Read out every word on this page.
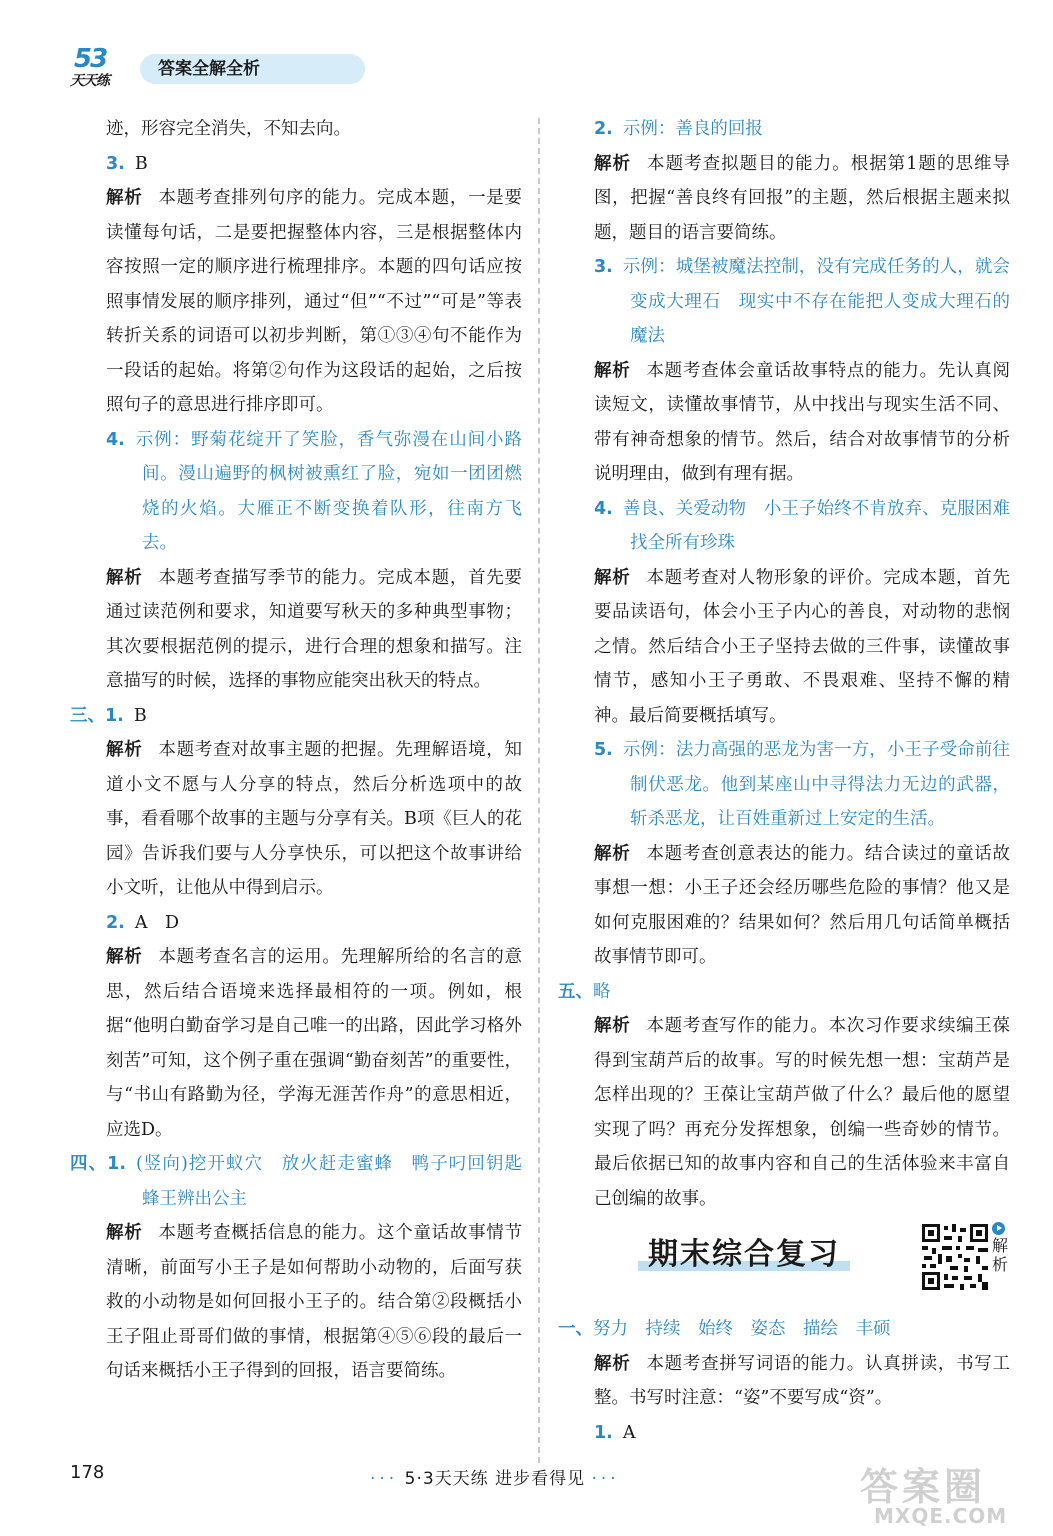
53
天天练
答案全解全析

迹，形容完全消失，不知去向。

3. B

解析 本题考查排列句序的能力。完成本题，一是要读懂每句话，二是要把握整体内容，三是根据整体内容按照一定的顺序进行梳理排序。本题的四句话应按照事情发展的顺序排列，通过“但”“不过”“可是”等表转折关系的词语可以初步判断，第①③④句不能作为一段话的起始。将第②句作为这段话的起始，之后按照句子的意思进行排序即可。

4. 示例：野菊花绽开了笑脸，香气弥漫在山间小路间。漫山遍野的枫树被熏红了脸，宛如一团团燃烧的火焰。大雁正不断变换着队形，往南方飞去。

解析 本题考查描写季节的能力。完成本题，首先要通过读范例和要求，知道要写秋天的多种典型事物；其次要根据范例的提示，进行合理的想象和描写。注意描写的时候，选择的事物应能突出秋天的特点。

三、1. B

解析 本题考查对故事主题的把握。先理解语境，知道小文不愿与人分享的特点，然后分析选项中的故事，看看哪个故事的主题与分享有关。B项《巨人的花园》告诉我们要与人分享快乐，可以把这个故事讲给小文听，让他从中得到启示。

2. A　D

解析 本题考查名言的运用。先理解所给的名言的意思，然后结合语境来选择最相符的一项。例如，根据“他明白勤奋学习是自己唯一的出路，因此学习格外刻苦”可知，这个例子重在强调“勤奋刻苦”的重要性，与“书山有路勤为径，学海无涯苦作舟”的意思相近，应选D。

四、1. (竖向)挖开蚁穴　放火赶走蜜蜂　鸭子叼回钥匙　蜂王辨出公主

解析 本题考查概括信息的能力。这个童话故事情节清晰，前面写小王子是如何帮助小动物的，后面写获救的小动物是如何回报小王子的。结合第②段概括小王子阻止哥哥们做的事情，根据第④⑤⑥段的最后一句话来概括小王子得到的回报，语言要简练。

2. 示例：善良的回报

解析 本题考查拟题目的能力。根据第1题的思维导图，把握“善良终有回报”的主题，然后根据主题来拟题，题目的语言要简练。

3. 示例：城堡被魔法控制，没有完成任务的人，就会变成大理石　现实中不存在能把人变成大理石的魔法

解析 本题考查体会童话故事特点的能力。先认真阅读短文，读懂故事情节，从中找出与现实生活不同、带有神奇想象的情节。然后，结合对故事情节的分析说明理由，做到有理有据。

4. 善良、关爱动物　小王子始终不肯放弃、克服困难找全所有珍珠

解析 本题考查对人物形象的评价。完成本题，首先要品读语句，体会小王子内心的善良，对动物的悲悯之情。然后结合小王子坚持去做的三件事，读懂故事情节，感知小王子勇敢、不畏艰难、坚持不懈的精神。最后简要概括填写。

5. 示例：法力高强的恶龙为害一方，小王子受命前往制伏恶龙。他到某座山中寻得法力无边的武器，斩杀恶龙，让百姓重新过上安定的生活。

解析 本题考查创意表达的能力。结合读过的童话故事想一想：小王子还会经历哪些危险的事情？他又是如何克服困难的？结果如何？然后用几句话简单概括故事情节即可。

五、略

解析 本题考查写作的能力。本次习作要求续编王葆得到宝葫芦后的故事。写的时候先想一想：宝葫芦是怎样出现的？王葆让宝葫芦做了什么？最后他的愿望实现了吗？再充分发挥想象，创编一些奇妙的情节。最后依据已知的故事内容和自己的生活体验来丰富自己创编的故事。

期末综合复习	解析

一、努力　持续　始终　姿态　描绘　丰硕

解析 本题考查拼写词语的能力。认真拼读，书写工整。书写时注意：“姿”不要写成“资”。

1. A

178	··· 5·3天天练 进步看得见 ···	答案圈
MXQE.COM
